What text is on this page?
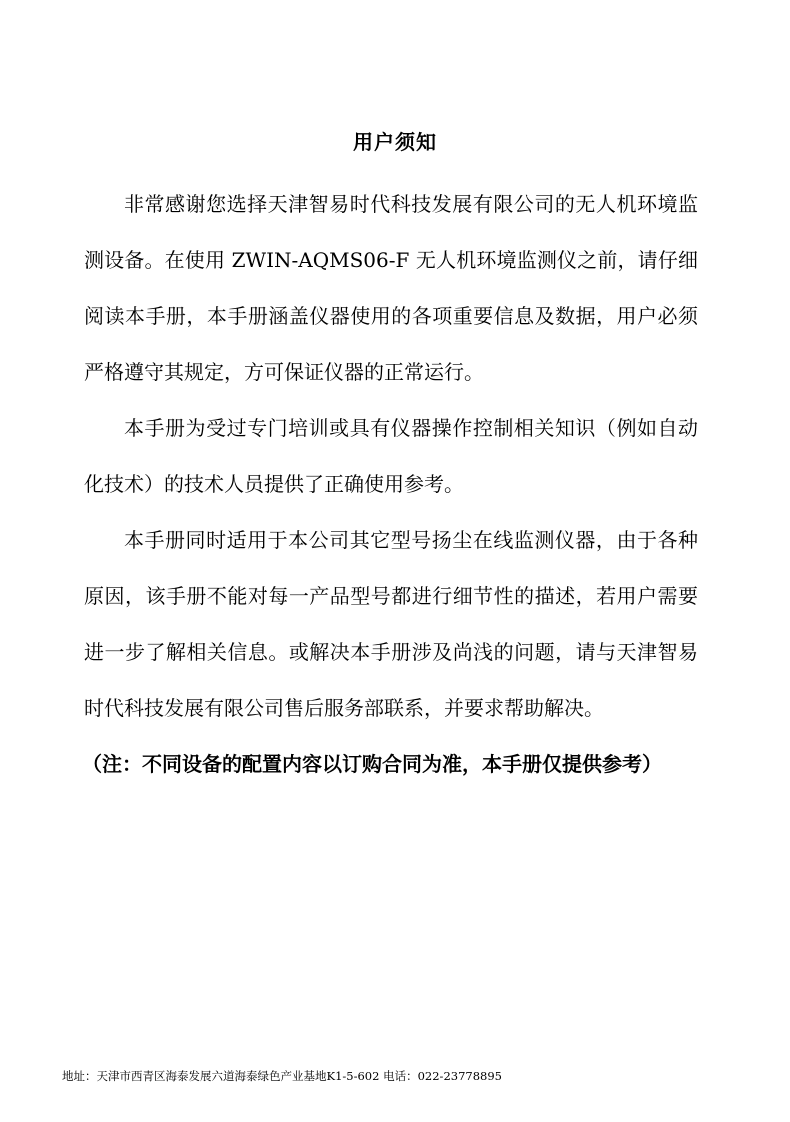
用户须知

非常感谢您选择天津智易时代科技发展有限公司的无人机环境监测设备。在使用 ZWIN-AQMS06-F 无人机环境监测仪之前，请仔细阅读本手册，本手册涵盖仪器使用的各项重要信息及数据，用户必须严格遵守其规定，方可保证仪器的正常运行。

本手册为受过专门培训或具有仪器操作控制相关知识（例如自动化技术）的技术人员提供了正确使用参考。

本手册同时适用于本公司其它型号扬尘在线监测仪器，由于各种原因，该手册不能对每一产品型号都进行细节性的描述，若用户需要进一步了解相关信息。或解决本手册涉及尚浅的问题，请与天津智易时代科技发展有限公司售后服务部联系，并要求帮助解决。

（注：不同设备的配置内容以订购合同为准，本手册仅提供参考）

地址：天津市西青区海泰发展六道海泰绿色产业基地K1-5-602 电话：022-23778895
